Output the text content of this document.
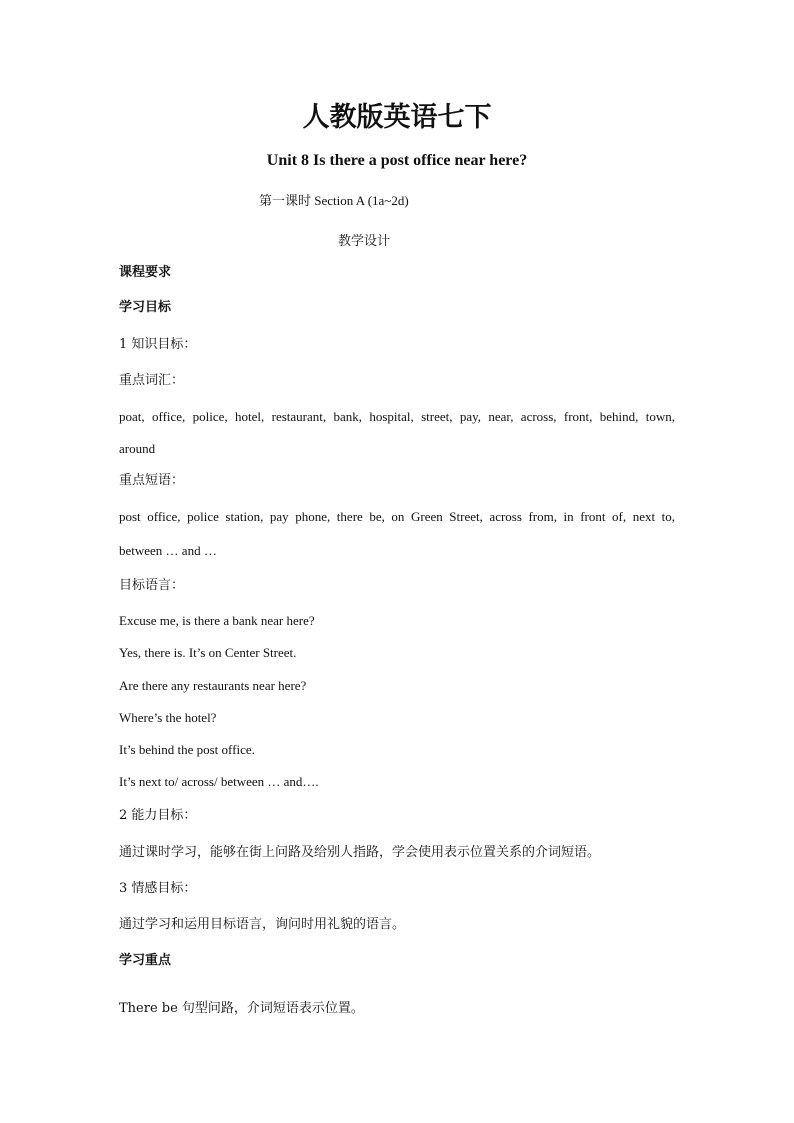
人教版英语七下
Unit 8 Is there a post office near here?
第一课时 Section A (1a~2d)
教学设计
课程要求
学习目标
1 知识目标：
重点词汇：
poat, office, police, hotel, restaurant, bank, hospital, street, pay, near, across, front, behind, town,
around
重点短语：
post office, police station, pay phone, there be, on Green Street, across from, in front of, next to,
between … and …
目标语言：
Excuse me, is there a bank near here?
Yes, there is. It’s on Center Street.
Are there any restaurants near here?
Where’s the hotel?
It’s behind the post office.
It’s next to/ across/ between … and….
2 能力目标：
通过课时学习，能够在街上问路及给别人指路，学会使用表示位置关系的介词短语。
3 情感目标：
通过学习和运用目标语言，询问时用礼貌的语言。
学习重点
There be 句型问路，介词短语表示位置。
